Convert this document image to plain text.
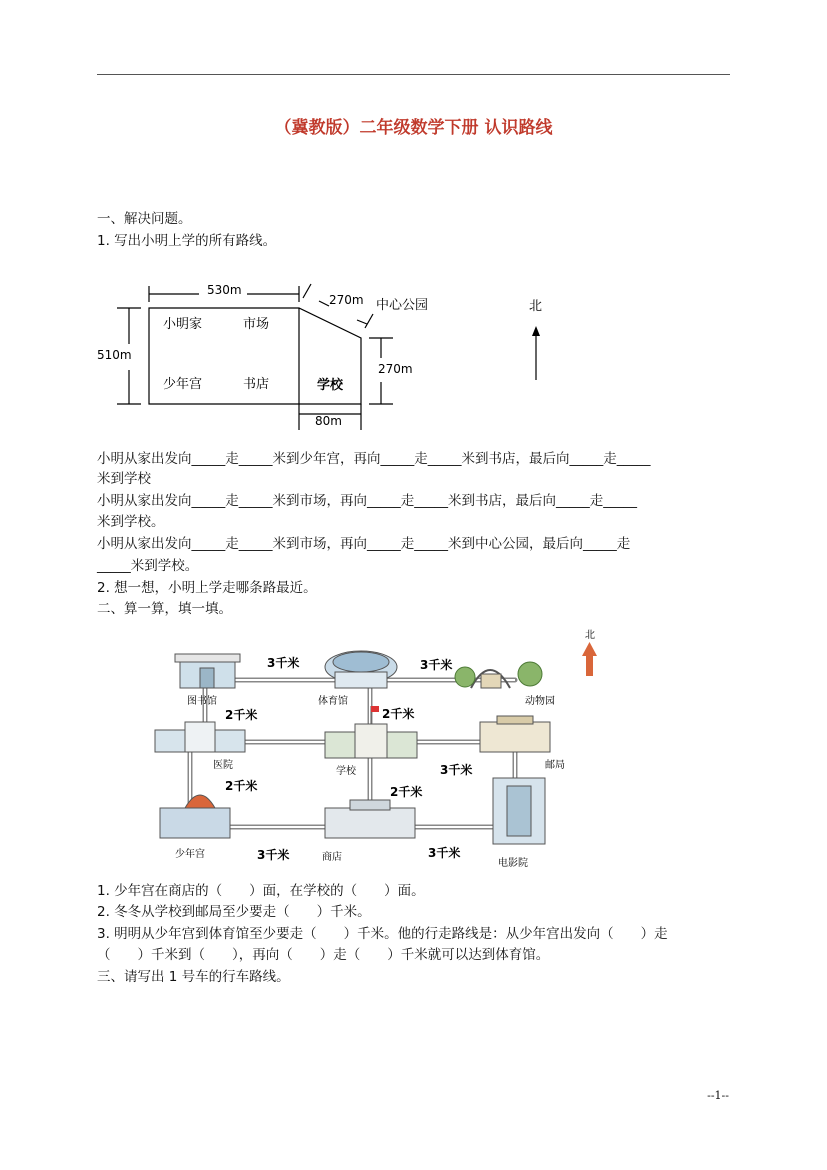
（冀教版）二年级数学下册 认识路线
一、解决问题。
1. 写出小明上学的所有路线。
530m
270m 中心公园
510m
270m
80m
北
小明家	市场
少年宫	书店	学校
小明从家出发向_____走_____米到少年宫，再向_____走_____米到书店，最后向_____走_____
米到学校
小明从家出发向_____走_____米到市场，再向_____走_____米到书店，最后向_____走_____
米到学校。
小明从家出发向_____走_____米到市场，再向_____走_____米到中心公园，最后向_____走
_____米到学校。
2. 想一想，小明上学走哪条路最近。
二、算一算，填一填。
图书馆	体育馆	动物园
北
医院
学校
邮局
少年宫	商店
电影院
3千米	3千米
2千米	2千米
3千米
2千米	2千米
3千米	3千米
1. 少年宫在商店的（　　）面，在学校的（　　）面。
2. 冬冬从学校到邮局至少要走（　　）千米。
3. 明明从少年宫到体育馆至少要走（　　）千米。他的行走路线是：从少年宫出发向（　　）走
（　　）千米到（　　），再向（　　）走（　　）千米就可以达到体育馆。
三、请写出 1 号车的行车路线。
--1--
